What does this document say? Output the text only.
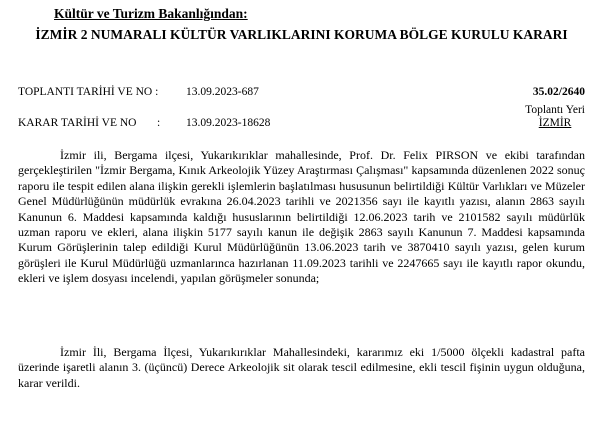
Kültür ve Turizm Bakanlığından:
İZMİR 2 NUMARALI KÜLTÜR VARLIKLARINI KORUMA BÖLGE KURULU KARARI
TOPLANTI TARİHİ VE NO : 13.09.2023-687	35.02/2640
Toplantı Yeri
İZMİR
KARAR TARİHİ VE NO : 13.09.2023-18628

İzmir ili, Bergama ilçesi, Yukarıkırıklar mahallesinde, Prof. Dr. Felix PIRSON ve ekibi tarafından gerçekleştirilen "İzmir Bergama, Kınık Arkeolojik Yüzey Araştırması Çalışması" kapsamında düzenlenen 2022 sonuç raporu ile tespit edilen alana ilişkin gerekli işlemlerin başlatılması hususunun belirtildiği Kültür Varlıkları ve Müzeler Genel Müdürlüğünün müdürlük evrakına 26.04.2023 tarihli ve 2021356 sayı ile kayıtlı yazısı, alanın 2863 sayılı Kanunun 6. Maddesi kapsamında kaldığı hususlarının belirtildiği 12.06.2023 tarih ve 2101582 sayılı müdürlük uzman raporu ve ekleri, alana ilişkin 5177 sayılı kanun ile değişik 2863 sayılı Kanunun 7. Maddesi kapsamında Kurum Görüşlerinin talep edildiği Kurul Müdürlüğünün 13.06.2023 tarih ve 3870410 sayılı yazısı, gelen kurum görüşleri ile Kurul Müdürlüğü uzmanlarınca hazırlanan 11.09.2023 tarihli ve 2247665 sayı ile kayıtlı rapor okundu, ekleri ve işlem dosyası incelendi, yapılan görüşmeler sonunda;

İzmir İli, Bergama İlçesi, Yukarıkırıklar Mahallesindeki, kararımız eki 1/5000 ölçekli kadastral pafta üzerinde işaretli alanın 3. (üçüncü) Derece Arkeolojik sit olarak tescil edilmesine, ekli tescil fişinin uygun olduğuna, karar verildi.
